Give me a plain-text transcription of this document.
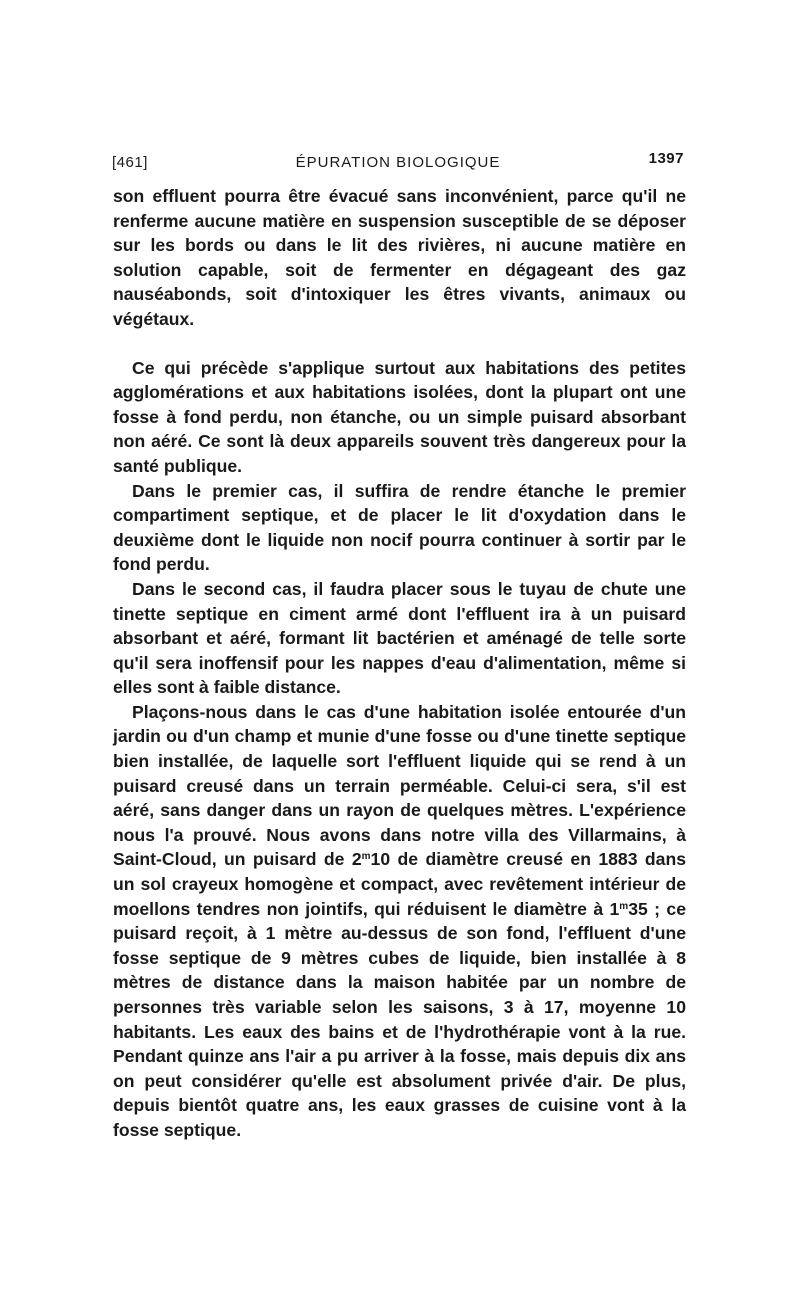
[461]	ÉPURATION BIOLOGIQUE	1397

son effluent pourra être évacué sans inconvénient, parce qu'il ne renferme aucune matière en suspension susceptible de se déposer sur les bords ou dans le lit des rivières, ni aucune matière en solution capable, soit de fermenter en dégageant des gaz nauséabonds, soit d'intoxiquer les êtres vivants, animaux ou végétaux.

Ce qui précède s'applique surtout aux habitations des petites agglomérations et aux habitations isolées, dont la plupart ont une fosse à fond perdu, non étanche, ou un simple puisard absorbant non aéré. Ce sont là deux appareils souvent très dangereux pour la santé publique.

Dans le premier cas, il suffira de rendre étanche le premier compartiment septique, et de placer le lit d'oxydation dans le deuxième dont le liquide non nocif pourra continuer à sortir par le fond perdu.

Dans le second cas, il faudra placer sous le tuyau de chute une tinette septique en ciment armé dont l'effluent ira à un puisard absorbant et aéré, formant lit bactérien et aménagé de telle sorte qu'il sera inoffensif pour les nappes d'eau d'alimentation, même si elles sont à faible distance.

Plaçons-nous dans le cas d'une habitation isolée entourée d'un jardin ou d'un champ et munie d'une fosse ou d'une tinette septique bien installée, de laquelle sort l'effluent liquide qui se rend à un puisard creusé dans un terrain perméable. Celui-ci sera, s'il est aéré, sans danger dans un rayon de quelques mètres. L'expérience nous l'a prouvé. Nous avons dans notre villa des Villarmains, à Saint-Cloud, un puisard de 2$^m$10 de diamètre creusé en 1883 dans un sol crayeux homogène et compact, avec revêtement intérieur de moellons tendres non jointifs, qui réduisent le diamètre à 1$^m$35 ; ce puisard reçoit, à 1 mètre au-dessus de son fond, l'effluent d'une fosse septique de 9 mètres cubes de liquide, bien installée à 8 mètres de distance dans la maison habitée par un nombre de personnes très variable selon les saisons, 3 à 17, moyenne 10 habitants. Les eaux des bains et de l'hydrothérapie vont à la rue. Pendant quinze ans l'air a pu arriver à la fosse, mais depuis dix ans on peut considérer qu'elle est absolument privée d'air. De plus, depuis bientôt quatre ans, les eaux grasses de cuisine vont à la fosse septique.
